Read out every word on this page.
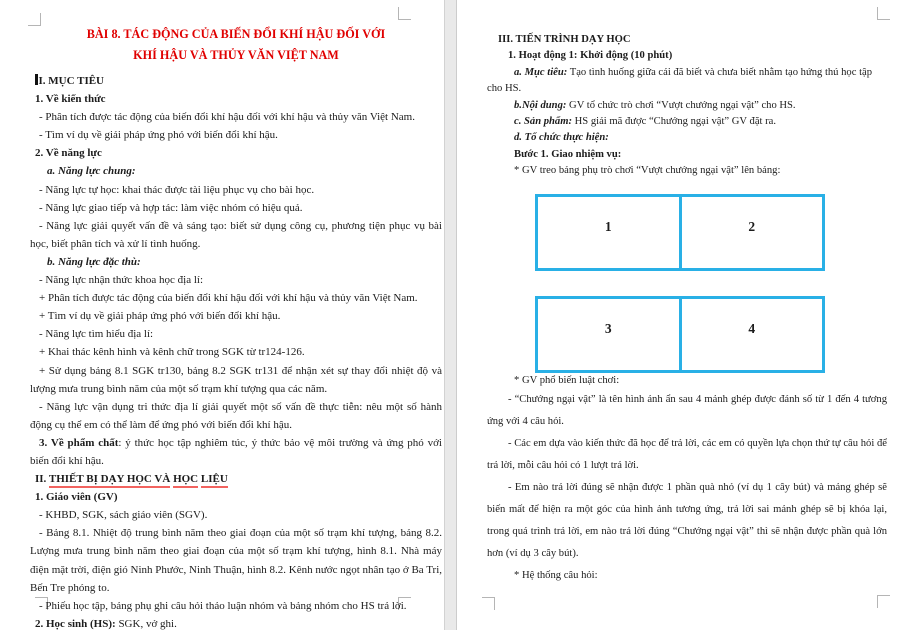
BÀI 8. TÁC ĐỘNG CỦA BIẾN ĐỔI KHÍ HẬU ĐỐI VỚI

KHÍ HẬU VÀ THỦY VĂN VIỆT NAM

I. MỤC TIÊU

1. Về kiến thức

- Phân tích được tác động của biến đổi khí hậu đối với khí hậu và thủy văn Việt Nam.

- Tìm ví dụ về giải pháp ứng phó với biến đổi khí hậu.

2. Về năng lực

a. Năng lực chung:

- Năng lực tự học: khai thác được tài liệu phục vụ cho bài học.

- Năng lực giao tiếp và hợp tác: làm việc nhóm có hiệu quả.

- Năng lực giải quyết vấn đề và sáng tạo: biết sử dụng công cụ, phương tiện phục vụ bài học, biết phân tích và xử lí tình huống.

b. Năng lực đặc thù:

- Năng lực nhận thức khoa học địa lí:

+ Phân tích được tác động của biến đổi khí hậu đối với khí hậu và thủy văn Việt Nam.

+ Tìm ví dụ về giải pháp ứng phó với biến đổi khí hậu.

- Năng lực tìm hiểu địa lí:

+ Khai thác kênh hình và kênh chữ trong SGK từ tr124-126.

+ Sử dụng bảng 8.1 SGK tr130, bảng 8.2 SGK tr131 để nhận xét sự thay đổi nhiệt độ và lượng mưa trung bình năm của một số trạm khí tượng qua các năm.

- Năng lực vận dụng tri thức địa lí giải quyết một số vấn đề thực tiễn: nêu một số hành động cụ thể em có thể làm để ứng phó với biến đổi khí hậu.

3. Về phẩm chất: ý thức học tập nghiêm túc, ý thức bảo vệ môi trường và ứng phó với biến đổi khí hậu.

II. THIẾT BỊ DẠY HỌC VÀ HỌC LIỆU

1. Giáo viên (GV)

- KHBD, SGK, sách giáo viên (SGV).

- Bảng 8.1. Nhiệt độ trung bình năm theo giai đoạn của một số trạm khí tượng, bảng 8.2. Lượng mưa trung bình năm theo giai đoạn của một số trạm khí tượng, hình 8.1. Nhà máy điện mặt trời, điện gió Ninh Phước, Ninh Thuận, hình 8.2. Kênh nước ngọt nhân tạo ở Ba Tri, Bến Tre phóng to.

- Phiếu học tập, bảng phụ ghi câu hỏi thảo luận nhóm và bảng nhóm cho HS trả lời.

2. Học sinh (HS): SGK, vở ghi.

III. TIẾN TRÌNH DẠY HỌC

1. Hoạt động 1: Khởi động (10 phút)

a. Mục tiêu: Tạo tình huống giữa cái đã biết và chưa biết nhằm tạo hứng thú học tập cho HS.

b.Nội dung: GV tổ chức trò chơi “Vượt chướng ngại vật” cho HS.

c. Sản phẩm: HS giải mã được “Chướng ngại vật” GV đặt ra.

d. Tổ chức thực hiện:

Bước 1. Giao nhiệm vụ:

* GV treo bảng phụ trò chơi “Vượt chướng ngại vật” lên bảng:

1	2
3	4

* GV phổ biến luật chơi:

- “Chướng ngại vật” là tên hình ảnh ẩn sau 4 mảnh ghép được đánh số từ 1 đến 4 tương ứng với 4 câu hỏi.

- Các em dựa vào kiến thức đã học để trả lời, các em có quyền lựa chọn thứ tự câu hỏi để trả lời, mỗi câu hỏi có 1 lượt trả lời.

- Em nào trả lời đúng sẽ nhận được 1 phần quà nhỏ (ví dụ 1 cây bút) và mảng ghép sẽ biến mất để hiện ra một góc của hình ảnh tương ứng, trả lời sai mảnh ghép sẽ bị khóa lại, trong quá trình trả lời, em nào trả lời đúng “Chướng ngại vật” thì sẽ nhận được phần quà lớn hơn (ví dụ 3 cây bút).

* Hệ thống câu hỏi:
